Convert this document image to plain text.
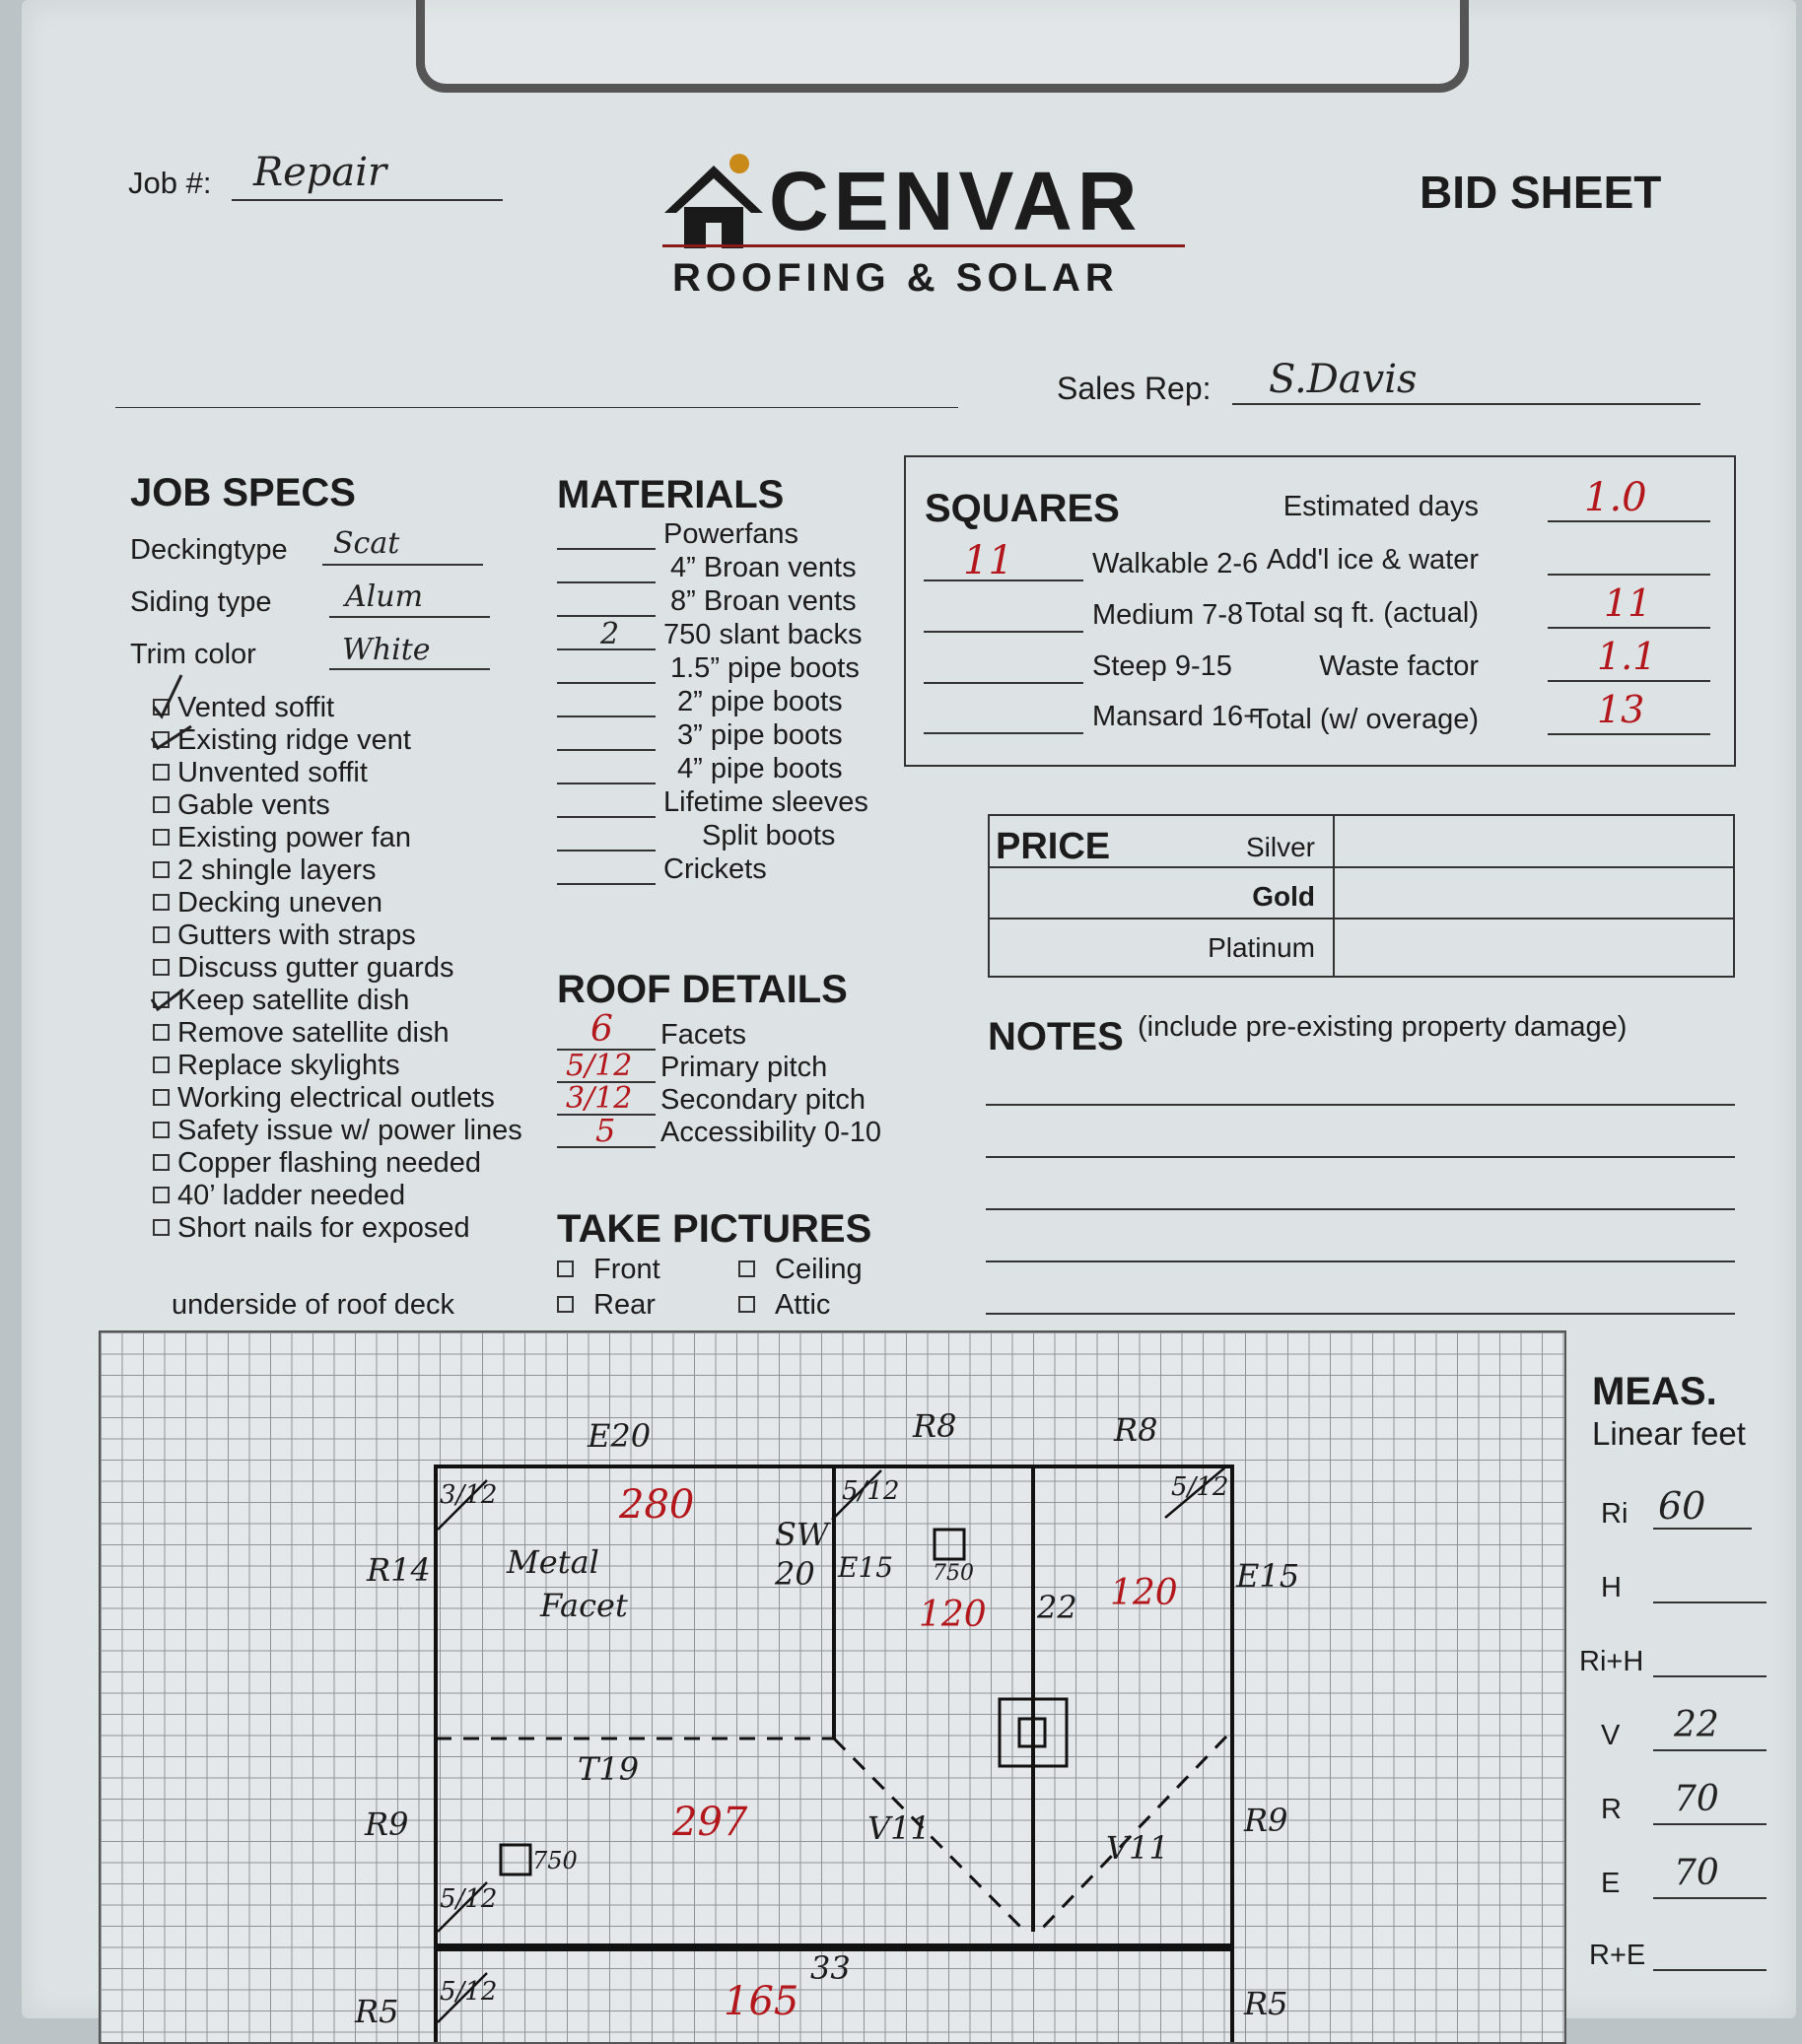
Job #: Repair	CENVAR
ROOFING & SOLAR
BID SHEET
Sales Rep: S.Davis
JOB SPECS
Deckingtype Scat
Siding type Alum
Trim color	White
Vented soffit
Existing ridge vent
Unvented soffit
Gable vents
Existing power fan
2 shingle layers
Decking uneven
Gutters with straps
Discuss gutter guards
Keep satellite dish
Remove satellite dish
Replace skylights
Working electrical outlets
Safety issue w/ power lines
Copper flashing needed
40’ ladder needed
Short nails for exposed
underside of roof deck
MATERIALS
Powerfans
4” Broan vents
8” Broan vents
2 750 slant backs
1.5” pipe boots
2” pipe boots
3” pipe boots
4” pipe boots
Lifetime sleeves
Split boots
Crickets
ROOF DETAILS
6 Facets
5/12 Primary pitch
3/12 Secondary pitch
5 Accessibility 0-10
TAKE PICTURES
Front	Ceiling
Rear	Attic
SQUARES
11	Walkable 2-6
Medium 7-8
Steep 9-15
Mansard 16+
Estimated days	1.0
Add'l ice & water
Total sq ft. (actual)	11
Waste factor	1.1
Total (w/ overage)	13
PRICE	Silver
Gold
Platinum
NOTES (include pre-existing property damage)
MEAS.
Linear feet
Ri 60
H
Ri+H
V 22
R 70
E 70
R+E
E20	R8	R8
R14 Metal
Facet
SW
20 E15 750
22
E15
T19
R9	V11
V11
R9
750
33
R5	R5
280
120
120
297
165
3/12	5/12	5/12
5/12
5/12
